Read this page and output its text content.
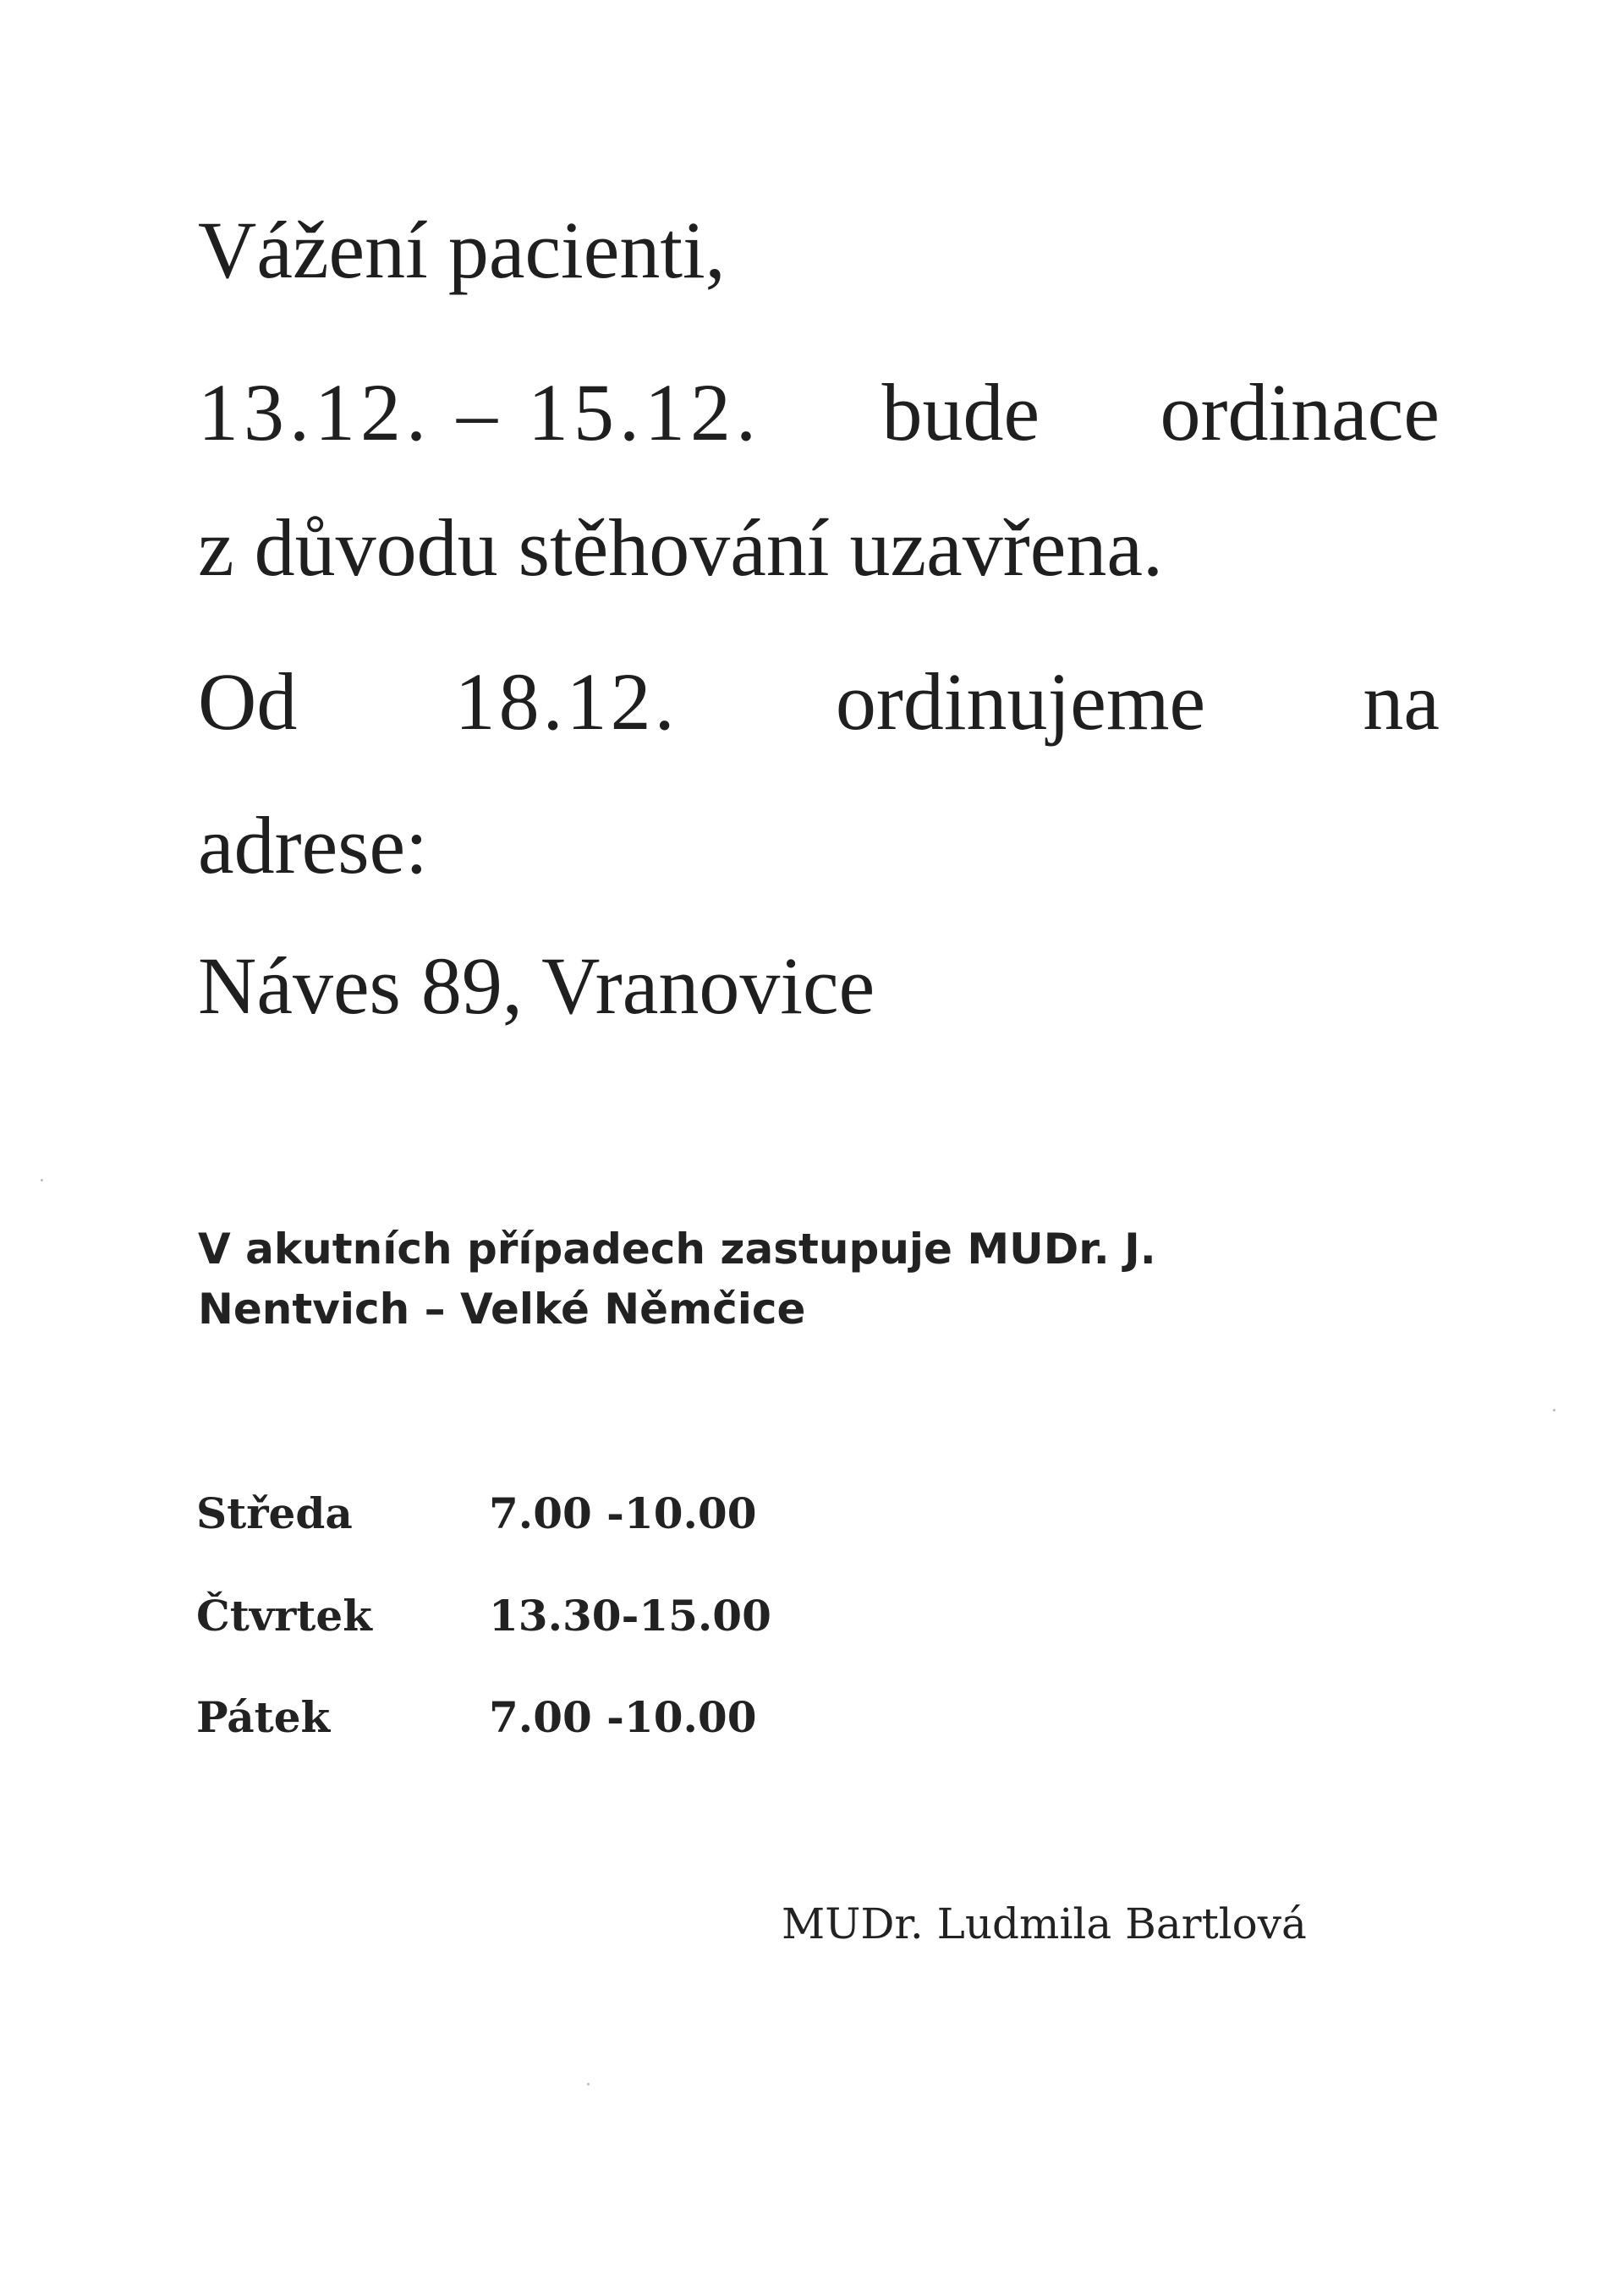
Vážení pacienti,
13.12. – 15.12. bude ordinace
z důvodu stěhování uzavřena.
Od 18.12. ordinujeme na
adrese:
Náves 89, Vranovice
V akutních případech zastupuje MUDr. J.
Nentvich – Velké Němčice
Středa	7.00 -10.00
Čtvrtek	13.30-15.00
Pátek	7.00 -10.00
MUDr. Ludmila Bartlová
